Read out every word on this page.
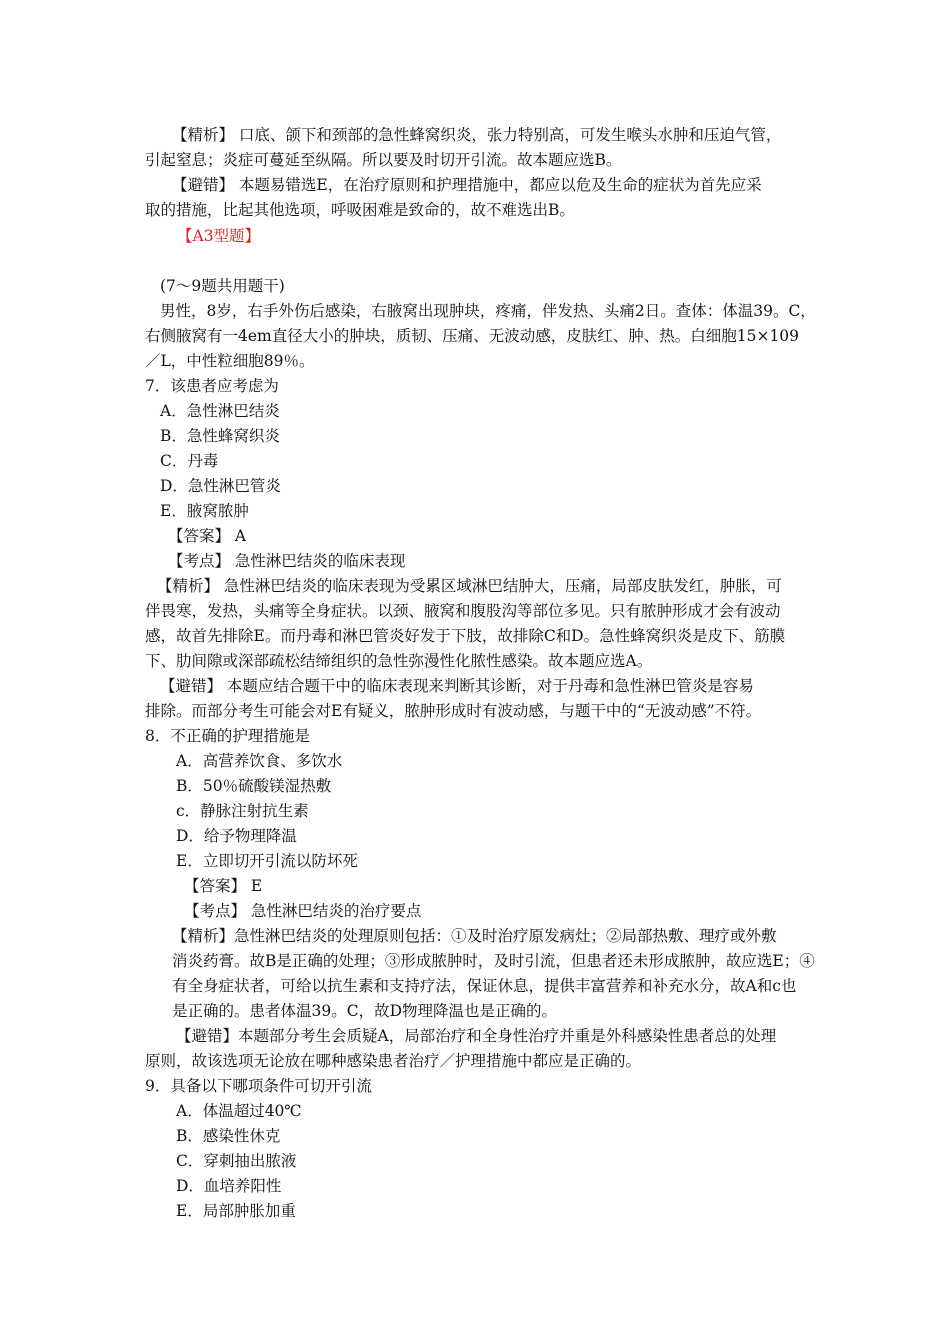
【精析】 口底、颌下和颈部的急性蜂窝织炎，张力特别高，可发生喉头水肿和压迫气管，
引起窒息；炎症可蔓延至纵隔。所以要及时切开引流。故本题应选B。
【避错】 本题易错选E，在治疗原则和护理措施中，都应以危及生命的症状为首先应采
取的措施，比起其他选项，呼吸困难是致命的，故不难选出B。
【A3型题】
(7～9题共用题干)
男性，8岁，右手外伤后感染，右腋窝出现肿块，疼痛，伴发热、头痛2日。查体：体温39。C，
右侧腋窝有一4em直径大小的肿块，质韧、压痛、无波动感，皮肤红、肿、热。白细胞15×109
／L，中性粒细胞89％。
7．该患者应考虑为
A．急性淋巴结炎
B．急性蜂窝织炎
C．丹毒
D．急性淋巴管炎
E．腋窝脓肿
【答案】 A
【考点】 急性淋巴结炎的临床表现
【精析】 急性淋巴结炎的临床表现为受累区域淋巴结肿大，压痛，局部皮肤发红，肿胀，可
伴畏寒，发热，头痛等全身症状。以颈、腋窝和腹股沟等部位多见。只有脓肿形成才会有波动
感，故首先排除E。而丹毒和淋巴管炎好发于下肢，故排除C和D。急性蜂窝织炎是皮下、筋膜
下、肋间隙或深部疏松结缔组织的急性弥漫性化脓性感染。故本题应选A。
【避错】 本题应结合题干中的临床表现来判断其诊断，对于丹毒和急性淋巴管炎是容易
排除。而部分考生可能会对E有疑义，脓肿形成时有波动感，与题干中的“无波动感”不符。
8．不正确的护理措施是
A．高营养饮食、多饮水
B．50％硫酸镁湿热敷
c．静脉注射抗生素
D．给予物理降温
E．立即切开引流以防坏死
【答案】 E
【考点】 急性淋巴结炎的治疗要点
【精析】急性淋巴结炎的处理原则包括：①及时治疗原发病灶；②局部热敷、理疗或外敷
消炎药膏。故B是正确的处理；③形成脓肿时，及时引流，但患者还未形成脓肿，故应选E；④
有全身症状者，可给以抗生素和支持疗法，保证休息，提供丰富营养和补充水分，故A和c也
是正确的。患者体温39。C，故D物理降温也是正确的。
【避错】本题部分考生会质疑A，局部治疗和全身性治疗并重是外科感染性患者总的处理
原则，故该选项无论放在哪种感染患者治疗／护理措施中都应是正确的。
9．具备以下哪项条件可切开引流
A．体温超过40℃
B．感染性休克
C．穿刺抽出脓液
D．血培养阳性
E．局部肿胀加重
